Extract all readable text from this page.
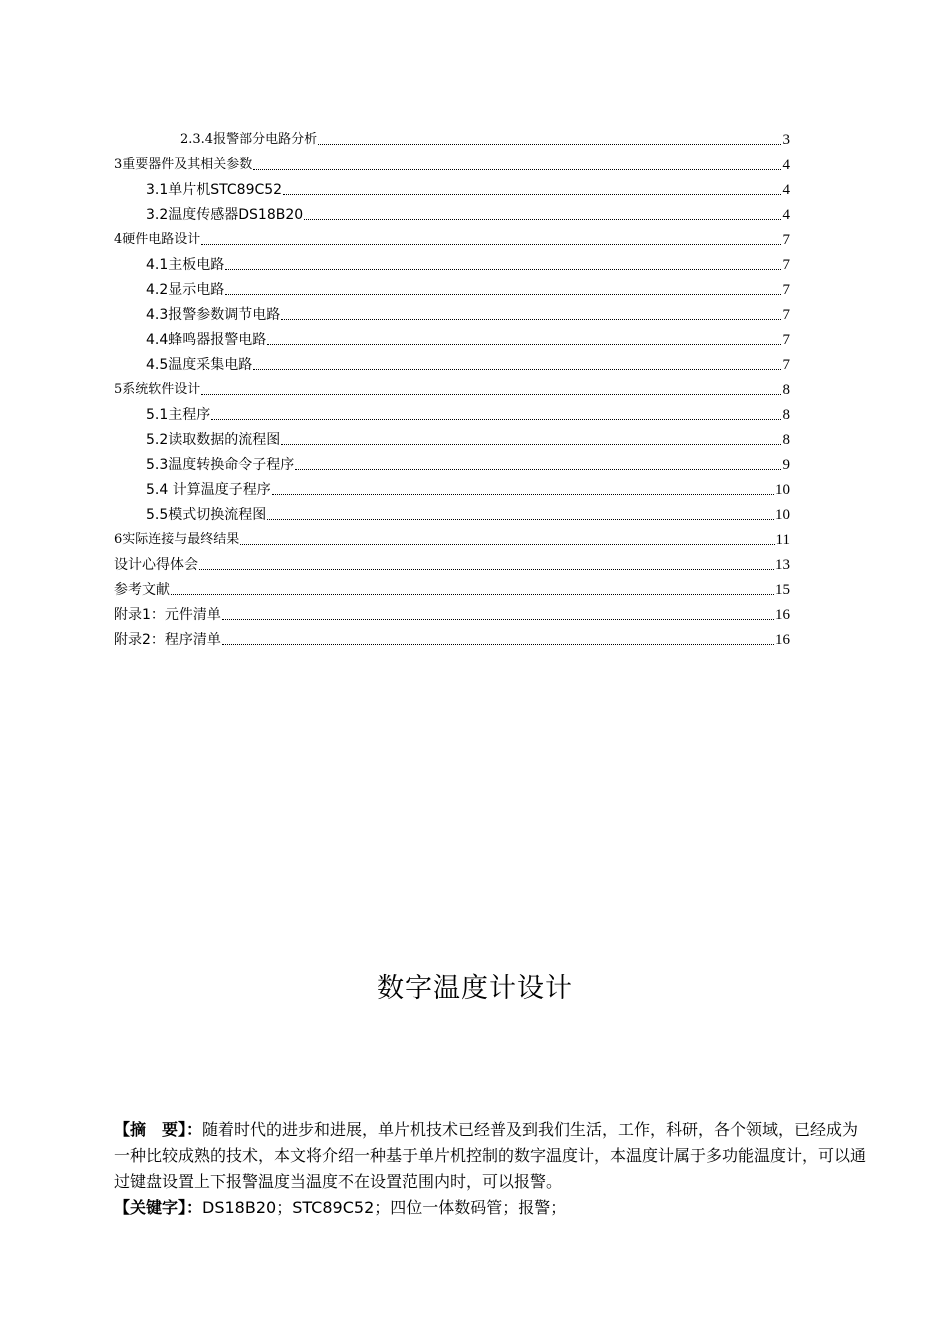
2.3.4报警部分电路分析	3
3重要器件及其相关参数	4
3.1单片机STC89C52	4
3.2温度传感器DS18B20	4
4硬件电路设计	7
4.1主板电路	7
4.2显示电路	7
4.3报警参数调节电路	7
4.4蜂鸣器报警电路	7
4.5温度采集电路	7
5系统软件设计	8
5.1主程序	8
5.2读取数据的流程图	8
5.3温度转换命令子程序	9
5.4 计算温度子程序	10
5.5模式切换流程图	10
6实际连接与最终结果	11
设计心得体会	13
参考文献	15
附录1：元件清单	16
附录2：程序清单	16
数字温度计设计

【摘　要】：随着时代的进步和进展，单片机技术已经普及到我们生活，工作，科研，各个领域，已经成为一种比较成熟的技术，本文将介绍一种基于单片机控制的数字温度计，本温度计属于多功能温度计，可以通过键盘设置上下报警温度当温度不在设置范围内时，可以报警。

【关键字】：DS18B20；STC89C52；四位一体数码管；报警；
